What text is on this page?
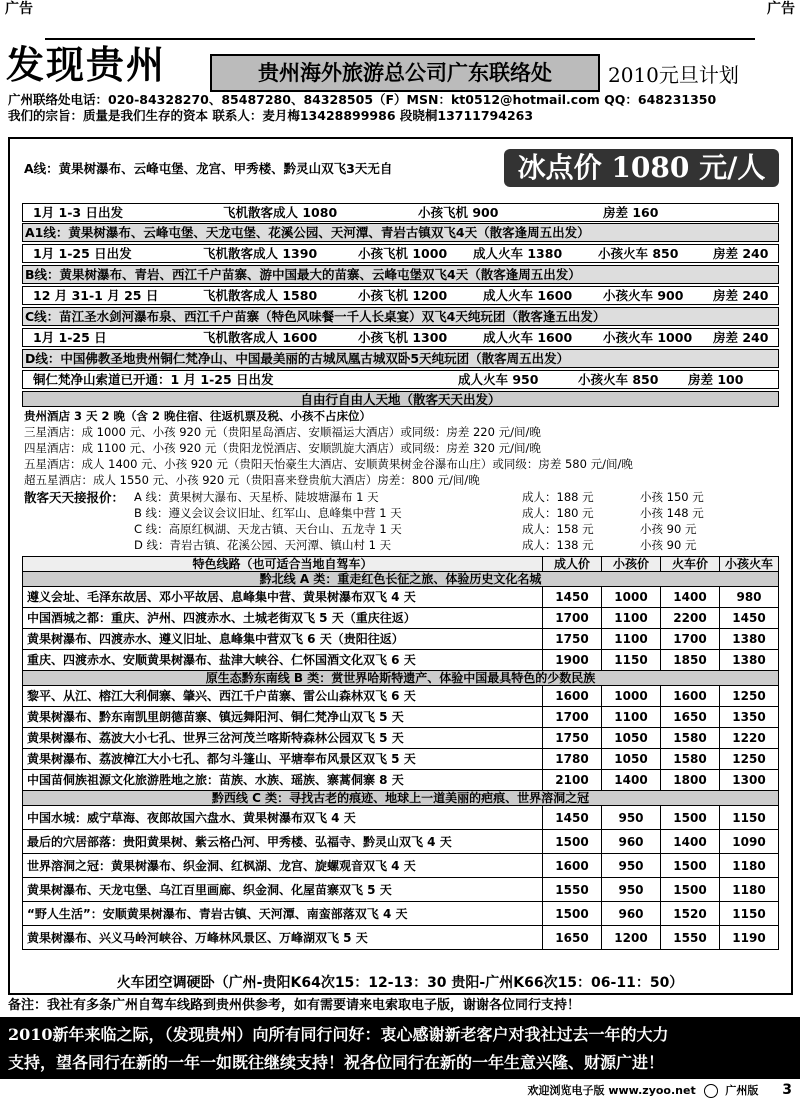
广告	广告
发现贵州	贵州海外旅游总公司广东联络处	2010元旦计划
广州联络处电话：020-84328270、85487280、84328505（F）MSN：kt0512@hotmail.com QQ：648231350
我们的宗旨：质量是我们生存的资本 联系人：麦月梅13428899986 段晓桐13711794263
A线：黄果树瀑布、云峰屯堡、龙宫、甲秀楼、黔灵山双飞3天无自	冰点价 1080 元/人
1月 1-3 日出发	飞机散客成人 1080	小孩飞机 900	房差 160
A1线：黄果树瀑布、云峰屯堡、天龙屯堡、花溪公园、天河潭、青岩古镇双飞4天（散客逢周五出发）
1月 1-25 日出发	飞机散客成人 1390	小孩飞机 1000 成人火车 1380	小孩火车 850	房差 240
B线：黄果树瀑布、青岩、西江千户苗寨、游中国最大的苗寨、云峰屯堡双飞4天（散客逢周五出发）
12 月 31-1 月 25 日	飞机散客成人 1580	小孩飞机 1200	成人火车 1600 小孩火车 900 房差 240
C线：苗江圣水剑河瀑布泉、西江千户苗寨（特色风味餐一千人长桌宴）双飞4天纯玩团（散客逢五出发）
1月 1-25 日	飞机散客成人 1600	小孩飞机 1300	成人火车 1600 小孩火车 1000 房差 240
D线：中国佛教圣地贵州铜仁梵净山、中国最美丽的古城凤凰古城双卧5天纯玩团（散客周五出发）
铜仁梵净山索道已开通：1 月 1-25 日出发	成人火车 950	小孩火车 850 房差 100
自由行自由人天地（散客天天出发）
贵州酒店 3 天 2 晚（含 2 晚住宿、往返机票及税、小孩不占床位）
三星酒店：成 1000 元、小孩 920 元（贵阳星岛酒店、安顺福运大酒店）或同级：房差 220 元/间/晚
四星酒店：成 1100 元、小孩 920 元（贵阳龙悦酒店、安顺凯旋大酒店）或同级：房差 320 元/间/晚
五星酒店：成人 1400 元、小孩 920 元（贵阳天怡豪生大酒店、安顺黄果树金谷瀑布山庄）或同级：房差 580 元/间/晚
超五星酒店：成人 1550 元、小孩 920 元（贵阳喜来登贵航大酒店）房差：800 元/间/晚
散客天天接报价： A 线：黄果树大瀑布、天星桥、陡坡塘瀑布 1 天	成人：188 元	小孩 150 元
B 线：遵义会议会议旧址、红军山、息峰集中营 1 天	成人：180 元	小孩 148 元
C 线：高原红枫湖、天龙古镇、天台山、五龙寺 1 天	成人：158 元	小孩 90 元
D 线：青岩古镇、花溪公园、天河潭、镇山村 1 天	成人：138 元	小孩 90 元
特色线路（也可适合当地自驾车）	成人价	小孩价	火车价	小孩火车
黔北线 A 类：重走红色长征之旅、体验历史文化名城				
遵义会址、毛泽东故居、邓小平故居、息峰集中营、黄果树瀑布双飞 4 天	1450	1000	1400	980
中国酒城之都：重庆、泸州、四渡赤水、土城老街双飞 5 天（重庆往返）	1700	1100	2200	1450
黄果树瀑布、四渡赤水、遵义旧址、息峰集中营双飞 6 天（贵阳往返）	1750	1100	1700	1380
重庆、四渡赤水、安顺黄果树瀑布、盐津大峡谷、仁怀国酒文化双飞 6 天	1900	1150	1850	1380
原生态黔东南线 B 类：赏世界哈斯特遗产、体验中国最具特色的少数民族				
黎平、从江、榕江大利侗寨、肇兴、西江千户苗寨、雷公山森林双飞 6 天	1600	1000	1600	1250
黄果树瀑布、黔东南凯里朗德苗寨、镇远舞阳河、铜仁梵净山双飞 5 天	1700	1100	1650	1350
黄果树瀑布、荔波大小七孔、世界三岔河茂兰喀斯特森林公园双飞 5 天	1750	1050	1580	1220
黄果树瀑布、荔波樟江大小七孔、都匀斗篷山、平塘奉布风景区双飞 5 天	1780	1050	1580	1250
中国苗侗族祖源文化旅游胜地之旅：苗族、水族、瑶族、寨蒿侗寨 8 天	2100	1400	1800	1300
黔西线 C 类：寻找古老的痕迹、地球上一道美丽的疤痕、世界溶洞之冠				
中国水城：威宁草海、夜郎故国六盘水、黄果树瀑布双飞 4 天	1450	950	1500	1150
最后的穴居部落：贵阳黄果树、紫云格凸河、甲秀楼、弘福寺、黔灵山双飞 4 天	1500	960	1400	1090
世界溶洞之冠：黄果树瀑布、织金洞、红枫湖、龙宫、旋螺观音双飞 4 天	1600	950	1500	1180
黄果树瀑布、天龙屯堡、乌江百里画廊、织金洞、化屋苗寨双飞 5 天	1550	950	1500	1180
“野人生活”：安顺黄果树瀑布、青岩古镇、天河潭、南蛮部落双飞 4 天	1500	960	1520	1150
黄果树瀑布、兴义马岭河峡谷、万峰林风景区、万峰湖双飞 5 天	1650	1200	1550	1190
火车团空调硬卧（广州-贵阳K64次15：12-13：30 贵阳-广州K66次15：06-11：50）
备注：我社有多条广州自驾车线路到贵州供参考，如有需要请来电索取电子版，谢谢各位同行支持！
2010新年来临之际，（发现贵州）向所有同行问好：衷心感谢新老客户对我社过去一年的大力
支持，望各同行在新的一年一如既往继续支持！祝各位同行在新的一年生意兴隆、财源广进！
欢迎浏览电子版 www.zyoo.net	广州版 3
